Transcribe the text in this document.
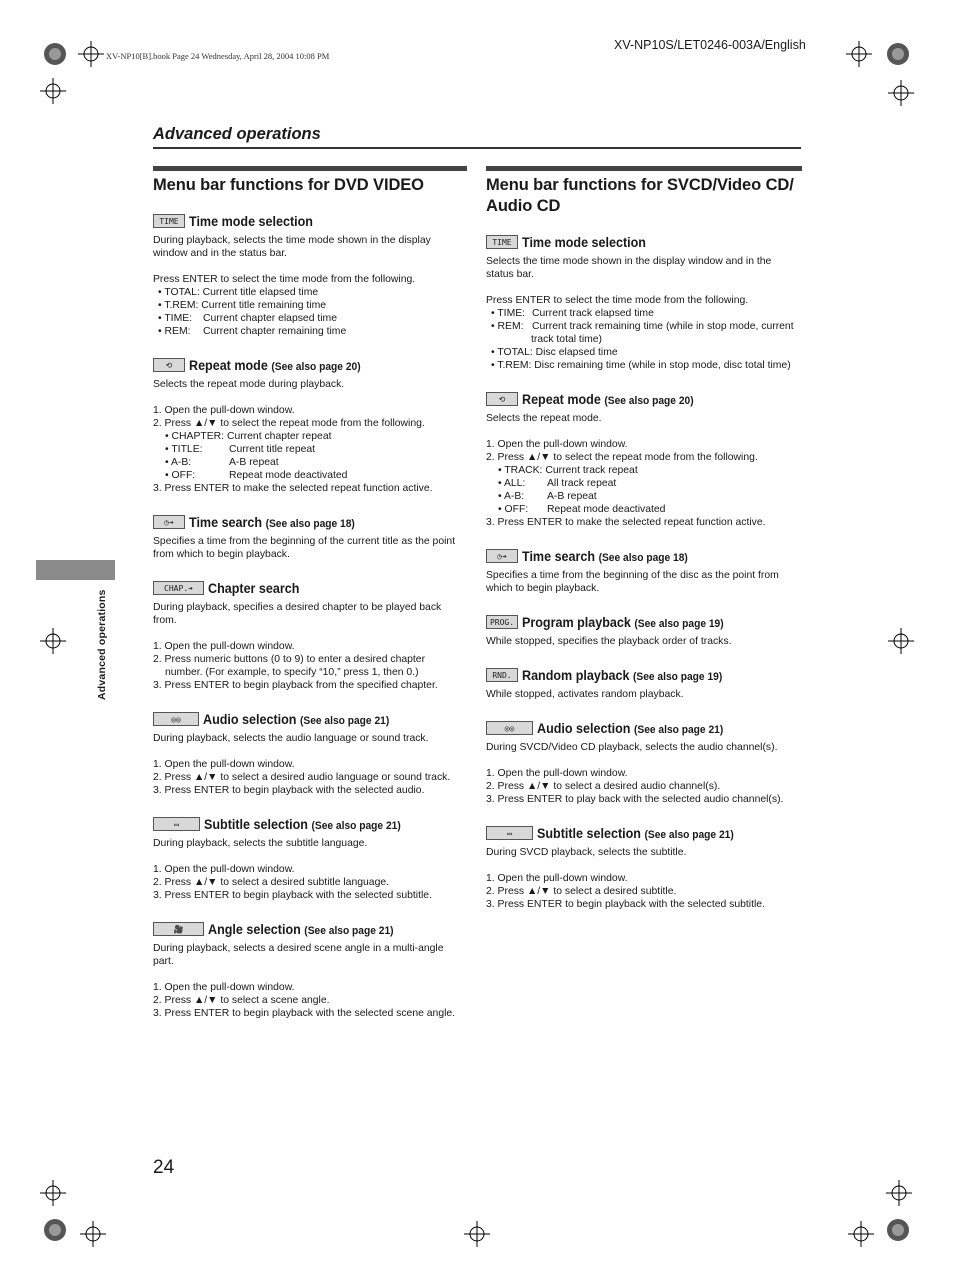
XV-NP10S/LET0246-003A/English
XV-NP10[B].book Page 24 Wednesday, April 28, 2004 10:08 PM
Advanced operations
Advanced operations
24
Menu bar functions for DVD VIDEO
TIME Time mode selection

During playback, selects the time mode shown in the display

window and in the status bar.

Press ENTER to select the time mode from the following.

• TOTAL: Current title elapsed time

• T.REM: Current title remaining time

• TIME: Current chapter elapsed time

• REM: Current chapter remaining time

⟲	Repeat mode (See also page 20)

Selects the repeat mode during playback.

1. Open the pull-down window.

2. Press ▲/▼ to select the repeat mode from the following.

• CHAPTER: Current chapter repeat

• TITLE:	Current title repeat

• A-B:	A-B repeat

• OFF:	Repeat mode deactivated

3. Press ENTER to make the selected repeat function active.

◷➔	Time search (See also page 18)

Specifies a time from the beginning of the current title as the point

from which to begin playback.

CHAP. ➔	Chapter search

During playback, specifies a desired chapter to be played back

from.

1. Open the pull-down window.

2. Press numeric buttons (0 to 9) to enter a desired chapter

number. (For example, to specify “10,” press 1, then 0.)

3. Press ENTER to begin playback from the specified chapter.

◎◎	Audio selection (See also page 21)

During playback, selects the audio language or sound track.

1. Open the pull-down window.

2. Press ▲/▼ to select a desired audio language or sound track.

3. Press ENTER to begin playback with the selected audio.

▭	Subtitle selection (See also page 21)

During playback, selects the subtitle language.

1. Open the pull-down window.

2. Press ▲/▼ to select a desired subtitle language.

3. Press ENTER to begin playback with the selected subtitle.

🎥	Angle selection (See also page 21)

During playback, selects a desired scene angle in a multi-angle

part.

1. Open the pull-down window.

2. Press ▲/▼ to select a scene angle.

3. Press ENTER to begin playback with the selected scene angle.

Menu bar functions for SVCD/Video CD/
Audio CD
TIME Time mode selection

Selects the time mode shown in the display window and in the

status bar.

Press ENTER to select the time mode from the following.

• TIME: Current track elapsed time

• REM: Current track remaining time (while in stop mode, current

track total time)

• TOTAL: Disc elapsed time

• T.REM: Disc remaining time (while in stop mode, disc total time)

⟲	Repeat mode (See also page 20)

Selects the repeat mode.

1. Open the pull-down window.

2. Press ▲/▼ to select the repeat mode from the following.

• TRACK: Current track repeat

• ALL: All track repeat

• A-B: A-B repeat

• OFF: Repeat mode deactivated

3. Press ENTER to make the selected repeat function active.

◷➔	Time search (See also page 18)

Specifies a time from the beginning of the disc as the point from

which to begin playback.

PROG. Program playback (See also page 19)

While stopped, specifies the playback order of tracks.

RND. Random playback (See also page 19)

While stopped, activates random playback.

◎◎	Audio selection (See also page 21)

During SVCD/Video CD playback, selects the audio channel(s).

1. Open the pull-down window.

2. Press ▲/▼ to select a desired audio channel(s).

3. Press ENTER to play back with the selected audio channel(s).

▭	Subtitle selection (See also page 21)

During SVCD playback, selects the subtitle.

1. Open the pull-down window.

2. Press ▲/▼ to select a desired subtitle.

3. Press ENTER to begin playback with the selected subtitle.
